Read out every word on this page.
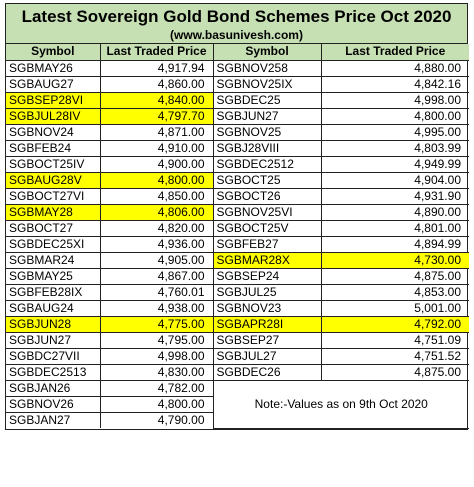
Latest Sovereign Gold Bond Schemes Price Oct 2020
(www.basunivesh.com)
Symbol	Last Traded Price	Symbol	Last Traded Price
SGBMAY26	4,917.94	SGBNOV258	4,880.00
SGBAUG27	4,860.00	SGBNOV25IX	4,842.16
SGBSEP28VI	4,840.00	SGBDEC25	4,998.00
SGBJUL28IV	4,797.70	SGBJUN27	4,800.00
SGBNOV24	4,871.00	SGBNOV25	4,995.00
SGBFEB24	4,910.00	SGBJ28VIII	4,803.99
SGBOCT25IV	4,900.00	SGBDEC2512	4,949.99
SGBAUG28V	4,800.00	SGBOCT25	4,904.00
SGBOCT27VI	4,850.00	SGBOCT26	4,931.90
SGBMAY28	4,806.00	SGBNOV25VI	4,890.00
SGBOCT27	4,820.00	SGBOCT25V	4,801.00
SGBDEC25XI	4,936.00	SGBFEB27	4,894.99
SGBMAR24	4,905.00	SGBMAR28X	4,730.00
SGBMAY25	4,867.00	SGBSEP24	4,875.00
SGBFEB28IX	4,760.01	SGBJUL25	4,853.00
SGBAUG24	4,938.00	SGBNOV23	5,001.00
SGBJUN28	4,775.00	SGBAPR28I	4,792.00
SGBJUN27	4,795.00	SGBSEP27	4,751.09
SGBDC27VII	4,998.00	SGBJUL27	4,751.52
SGBDEC2513	4,830.00	SGBDEC26	4,875.00
SGBJAN26	4,782.00	Note:-Values as on 9th Oct 2020	
SGBNOV26	4,800.00		
SGBJAN27	4,790.00		
